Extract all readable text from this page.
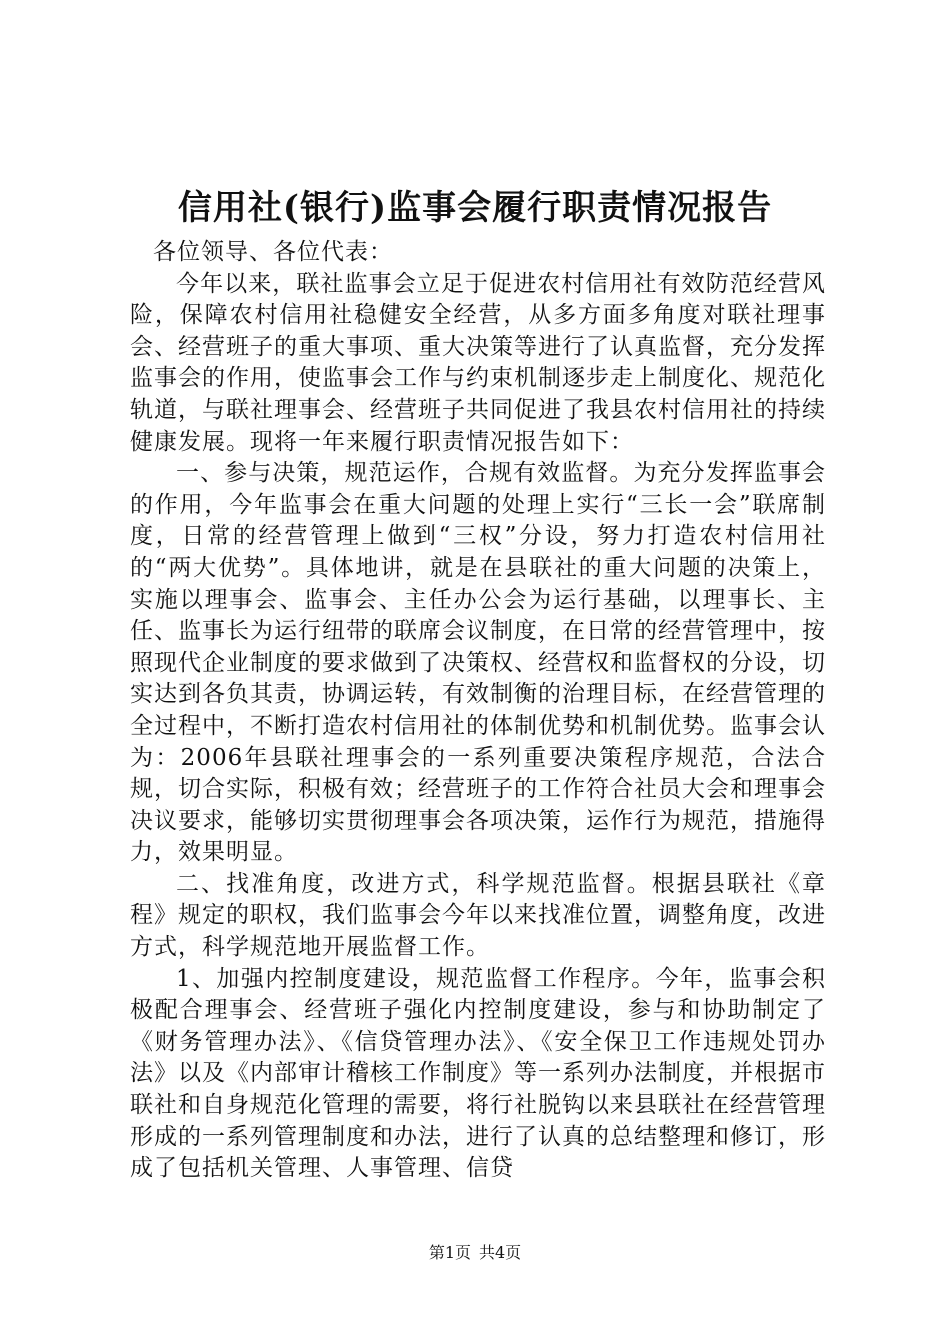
信用社(银行)监事会履行职责情况报告

各位领导、各位代表：

今年以来，联社监事会立足于促进农村信用社有效防范经营风险，保障农村信用社稳健安全经营，从多方面多角度对联社理事会、经营班子的重大事项、重大决策等进行了认真监督，充分发挥监事会的作用，使监事会工作与约束机制逐步走上制度化、规范化轨道，与联社理事会、经营班子共同促进了我县农村信用社的持续健康发展。现将一年来履行职责情况报告如下：

一、参与决策，规范运作，合规有效监督。为充分发挥监事会的作用，今年监事会在重大问题的处理上实行“三长一会”联席制度，日常的经营管理上做到“三权”分设，努力打造农村信用社的“两大优势”。具体地讲，就是在县联社的重大问题的决策上，实施以理事会、监事会、主任办公会为运行基础，以理事长、主任、监事长为运行纽带的联席会议制度，在日常的经营管理中，按照现代企业制度的要求做到了决策权、经营权和监督权的分设，切实达到各负其责，协调运转，有效制衡的治理目标，在经营管理的全过程中，不断打造农村信用社的体制优势和机制优势。监事会认为：2006年县联社理事会的一系列重要决策程序规范，合法合规，切合实际，积极有效；经营班子的工作符合社员大会和理事会决议要求，能够切实贯彻理事会各项决策，运作行为规范，措施得力，效果明显。

二、找准角度，改进方式，科学规范监督。根据县联社《章程》规定的职权，我们监事会今年以来找准位置，调整角度，改进方式，科学规范地开展监督工作。

1、加强内控制度建设，规范监督工作程序。今年，监事会积极配合理事会、经营班子强化内控制度建设，参与和协助制定了《财务管理办法》、《信贷管理办法》、《安全保卫工作违规处罚办法》以及《内部审计稽核工作制度》等一系列办法制度，并根据市联社和自身规范化管理的需要，将行社脱钩以来县联社在经营管理形成的一系列管理制度和办法，进行了认真的总结整理和修订，形成了包括机关管理、人事管理、信贷

第1页 共4页
